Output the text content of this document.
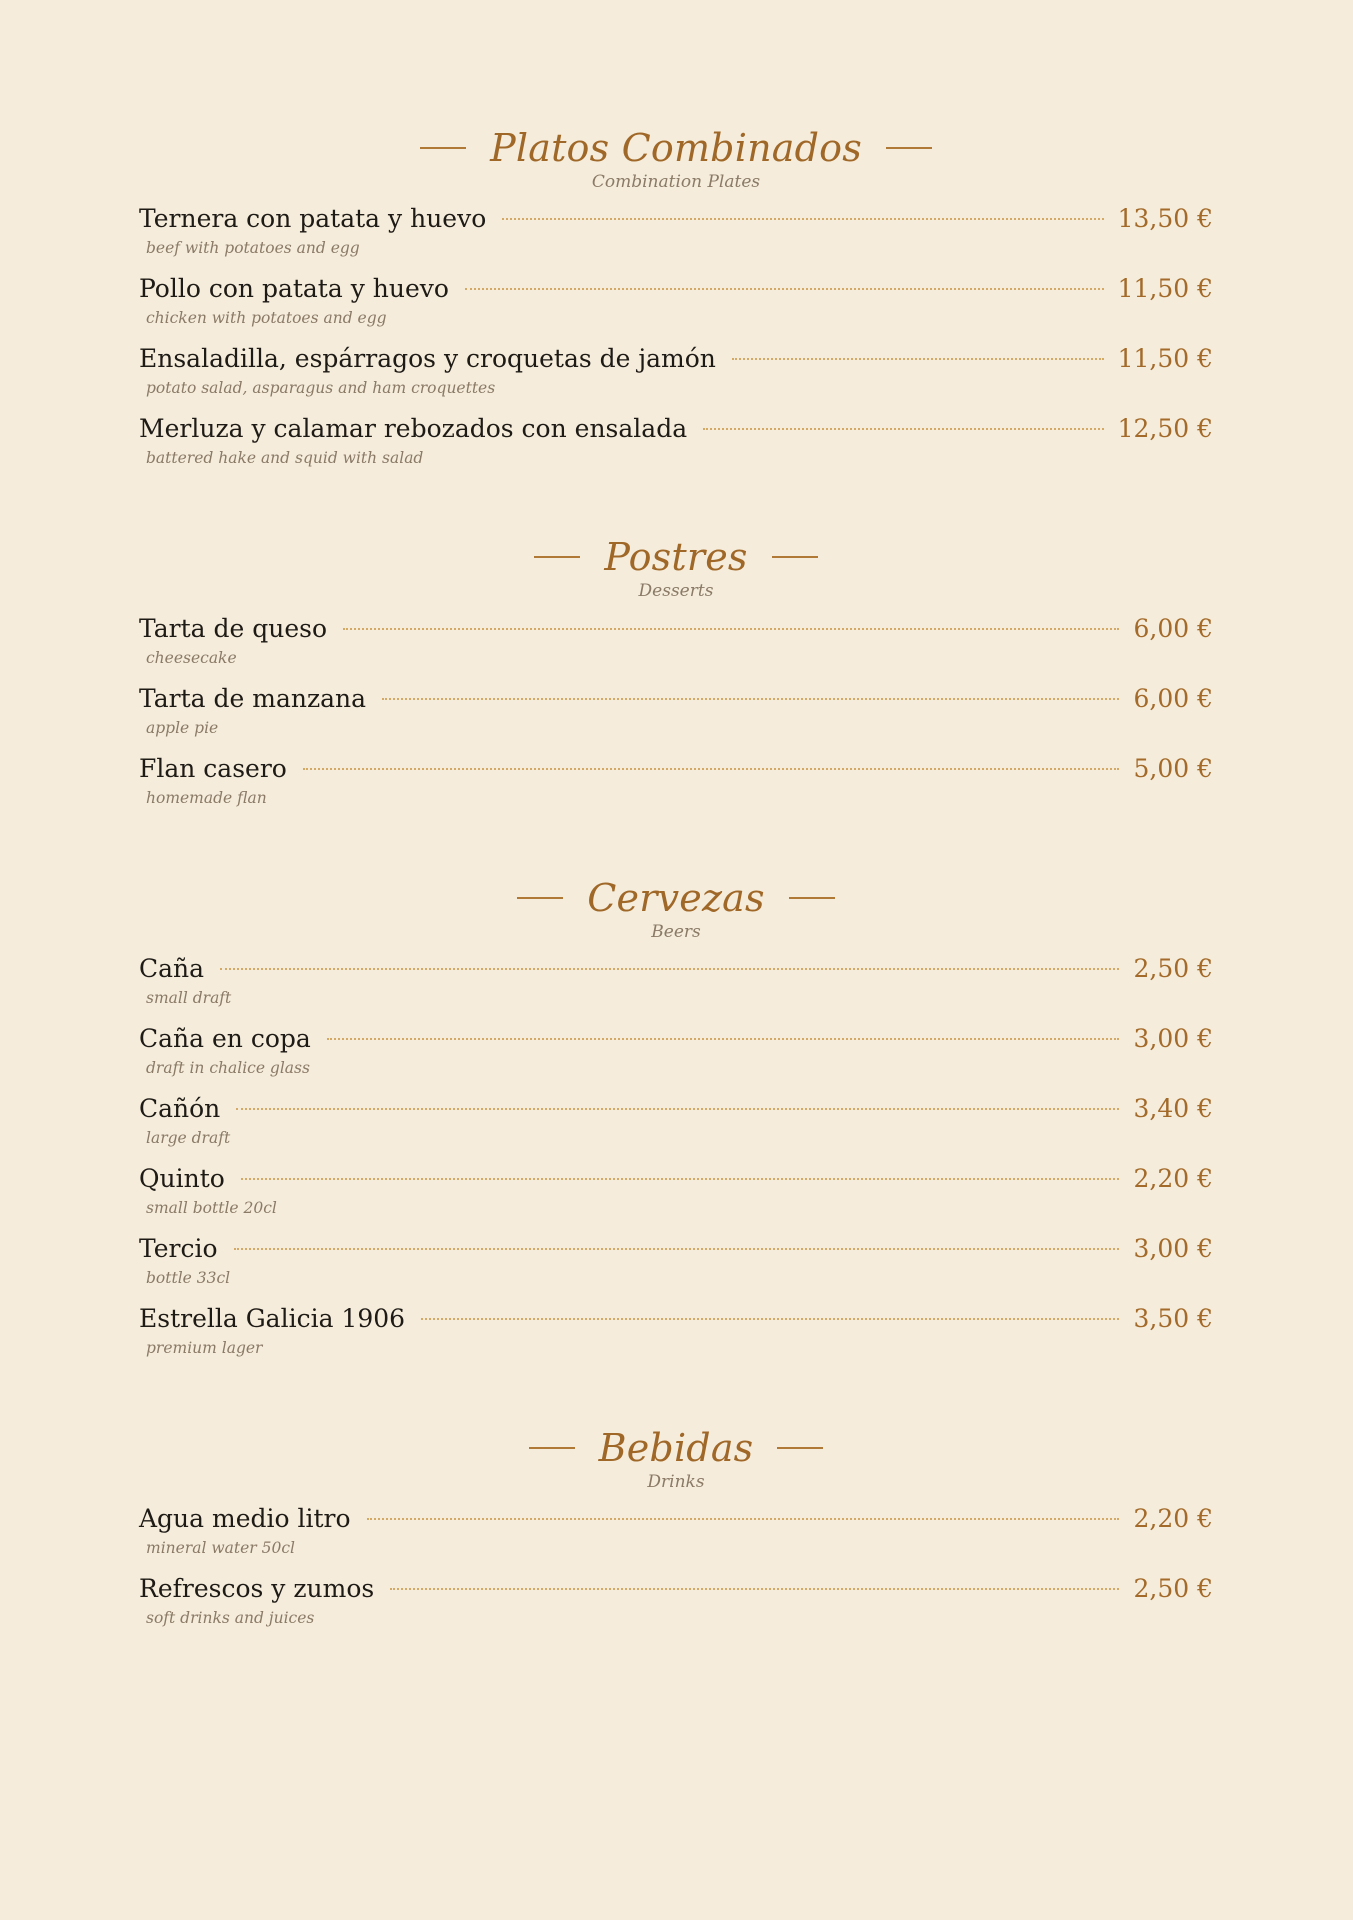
Platos Combinados
Combination Plates
Ternera con patata y huevo	13,50 €
beef with potatoes and egg
Pollo con patata y huevo	11,50 €
chicken with potatoes and egg
Ensaladilla, espárragos y croquetas de jamón	11,50 €
potato salad, asparagus and ham croquettes
Merluza y calamar rebozados con ensalada	12,50 €
battered hake and squid with salad
Postres
Desserts
Tarta de queso	6,00 €
cheesecake
Tarta de manzana	6,00 €
apple pie
Flan casero	5,00 €
homemade flan
Cervezas
Beers
Caña	2,50 €
small draft
Caña en copa	3,00 €
draft in chalice glass
Cañón	3,40 €
large draft
Quinto	2,20 €
small bottle 20cl
Tercio	3,00 €
bottle 33cl
Estrella Galicia 1906	3,50 €
premium lager
Bebidas
Drinks
Agua medio litro	2,20 €
mineral water 50cl
Refrescos y zumos	2,50 €
soft drinks and juices
